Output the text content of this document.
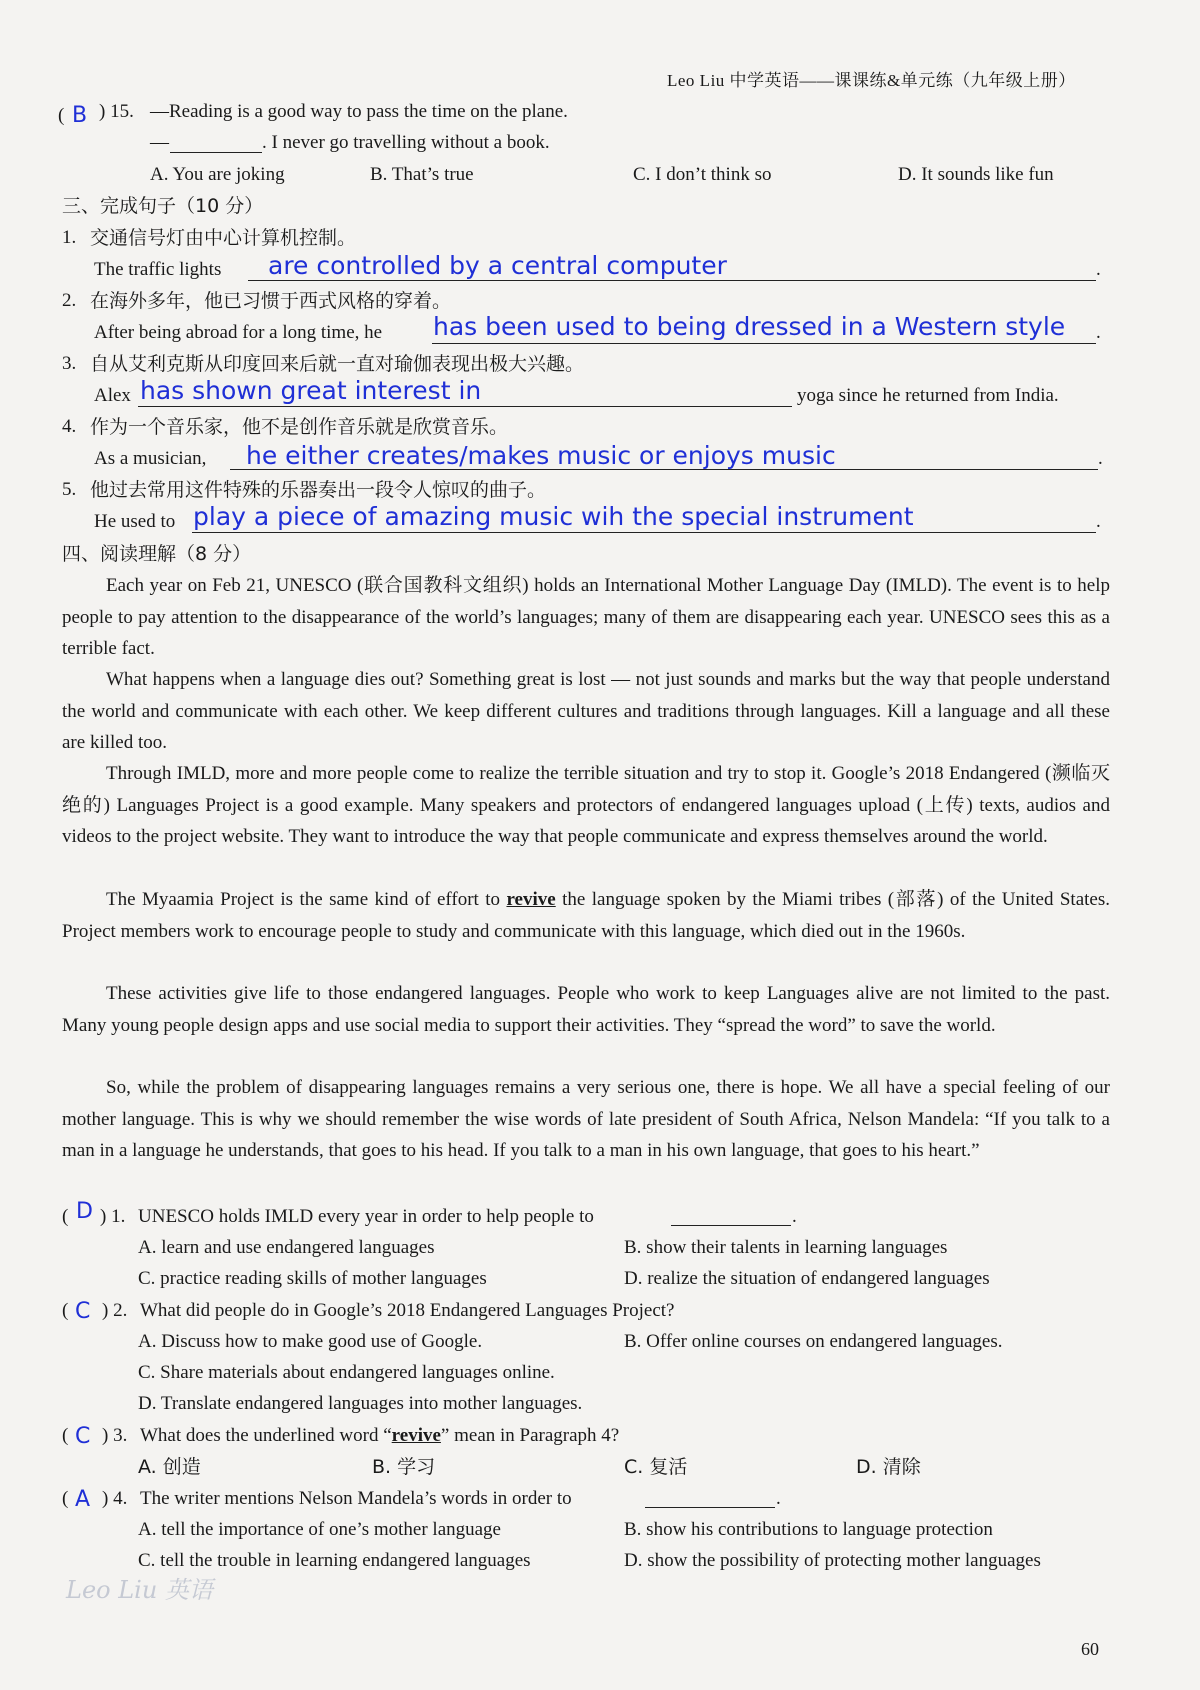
Leo Liu 中学英语——课课练&单元练（九年级上册）
( B ) 15. —Reading is a good way to pass the time on the plane.
—	. I never go travelling without a book.
A. You are joking	B. That’s true	C. I don’t think so	D. It sounds like fun
三、完成句子（10 分）
1. 交通信号灯由中心计算机控制。
The traffic lights are controlled by a central computer	.
2. 在海外多年，他已习惯于西式风格的穿着。
After being abroad for a long time, he has been used to being dressed in a Western style .
3. 自从艾利克斯从印度回来后就一直对瑜伽表现出极大兴趣。
Alex has shown great interest in	yoga since he returned from India.
4. 作为一个音乐家，他不是创作音乐就是欣赏音乐。
As a musician, he either creates/makes music or enjoys music	.
5. 他过去常用这件特殊的乐器奏出一段令人惊叹的曲子。
He used to play a piece of amazing music wih the special instrument	.
四、阅读理解（8 分）

Each year on Feb 21, UNESCO (联合国教科文组织) holds an International Mother Language Day (IMLD). The event is to help people to pay attention to the disappearance of the world’s languages; many of them are disappearing each year. UNESCO sees this as a terrible fact.

What happens when a language dies out? Something great is lost — not just sounds and marks but the way that people understand the world and communicate with each other. We keep different cultures and traditions through languages. Kill a language and all these are killed too.

Through IMLD, more and more people come to realize the terrible situation and try to stop it. Google’s 2018 Endangered (濒临灭绝的) Languages Project is a good example. Many speakers and protectors of endangered languages upload (上传) texts, audios and videos to the project website. They want to introduce the way that people communicate and express themselves around the world.

The Myaamia Project is the same kind of effort to revive the language spoken by the Miami tribes (部落) of the United States. Project members work to encourage people to study and communicate with this language, which died out in the 1960s.

These activities give life to those endangered languages. People who work to keep Languages alive are not limited to the past. Many young people design apps and use social media to support their activities. They “spread the word” to save the world.

So, while the problem of disappearing languages remains a very serious one, there is hope. We all have a special feeling of our mother language. This is why we should remember the wise words of late president of South Africa, Nelson Mandela: “If you talk to a man in a language he understands, that goes to his head. If you talk to a man in his own language, that goes to his heart.”

( D ) 1. UNESCO holds IMLD every year in order to help people to	.
A. learn and use endangered languages	B. show their talents in learning languages
C. practice reading skills of mother languages	D. realize the situation of endangered languages
( C ) 2. What did people do in Google’s 2018 Endangered Languages Project?
A. Discuss how to make good use of Google.	B. Offer online courses on endangered languages.
C. Share materials about endangered languages online.
D. Translate endangered languages into mother languages.
( C ) 3. What does the underlined word “revive” mean in Paragraph 4?
A. 创造	B. 学习	C. 复活	D. 清除
( A ) 4. The writer mentions Nelson Mandela’s words in order to	.
A. tell the importance of one’s mother language	B. show his contributions to language protection
C. tell the trouble in learning endangered languages	D. show the possibility of protecting mother languages
Leo Liu 英语
60
